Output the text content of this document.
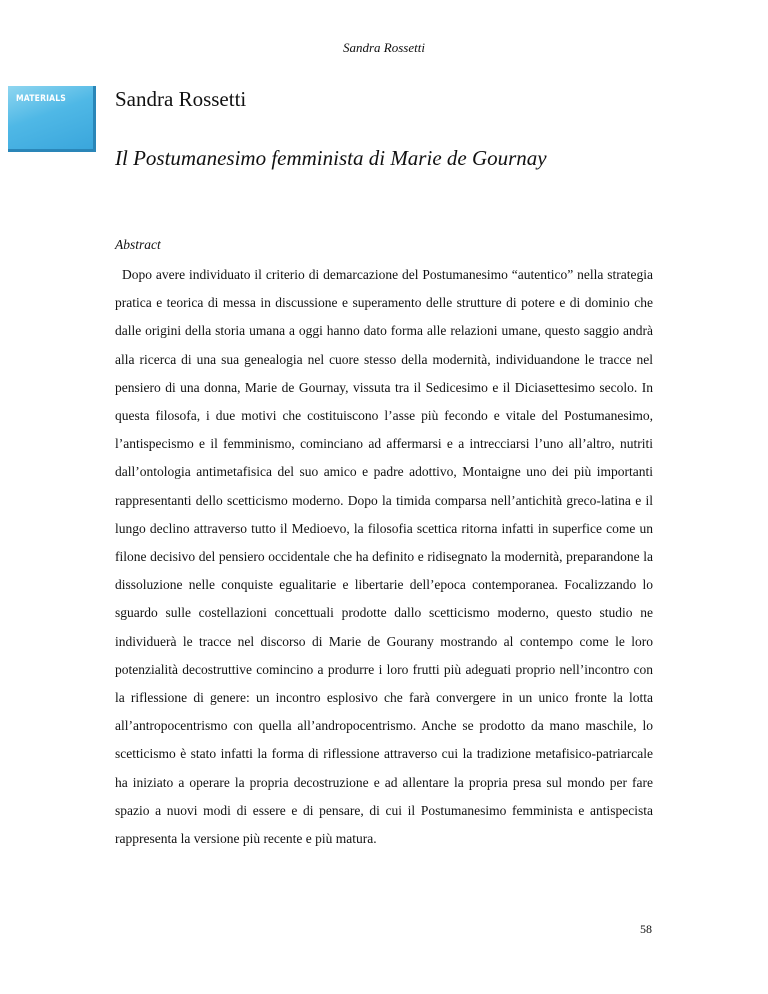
Sandra Rossetti
MATERIALS Sandra Rossetti
Il Postumanesimo femminista di Marie de Gournay
Abstract

Dopo avere individuato il criterio di demarcazione del Postumanesimo “autentico” nella strategia pratica e teorica di messa in discussione e superamento delle strutture di potere e di dominio che dalle origini della storia umana a oggi hanno dato forma alle relazioni umane, questo saggio andrà alla ricerca di una sua genealogia nel cuore stesso della modernità, individuandone le tracce nel pensiero di una donna, Marie de Gournay, vissuta tra il Sedicesimo e il Diciasettesimo secolo. In questa filosofa, i due motivi che costituiscono l’asse più fecondo e vitale del Postumanesimo, l’antispecismo e il femminismo, cominciano ad affermarsi e a intrecciarsi l’uno all’altro, nutriti dall’ontologia antimetafisica del suo amico e padre adottivo, Montaigne uno dei più importanti rappresentanti dello scetticismo moderno. Dopo la timida comparsa nell’antichità greco-latina e il lungo declino attraverso tutto il Medioevo, la filosofia scettica ritorna infatti in superfice come un filone decisivo del pensiero occidentale che ha definito e ridisegnato la modernità, preparandone la dissoluzione nelle conquiste egualitarie e libertarie dell’epoca contemporanea. Focalizzando lo sguardo sulle costellazioni concettuali prodotte dallo scetticismo moderno, questo studio ne individuerà le tracce nel discorso di Marie de Gourany mostrando al contempo come le loro potenzialità decostruttive comincino a produrre i loro frutti più adeguati proprio nell’incontro con la riflessione di genere: un incontro esplosivo che farà convergere in un unico fronte la lotta all’antropocentrismo con quella all’andropocentrismo. Anche se prodotto da mano maschile, lo scetticismo è stato infatti la forma di riflessione attraverso cui la tradizione metafisico-patriarcale ha iniziato a operare la propria decostruzione e ad allentare la propria presa sul mondo per fare spazio a nuovi modi di essere e di pensare, di cui il Postumanesimo femminista e antispecista rappresenta la versione più recente e più matura.

58
